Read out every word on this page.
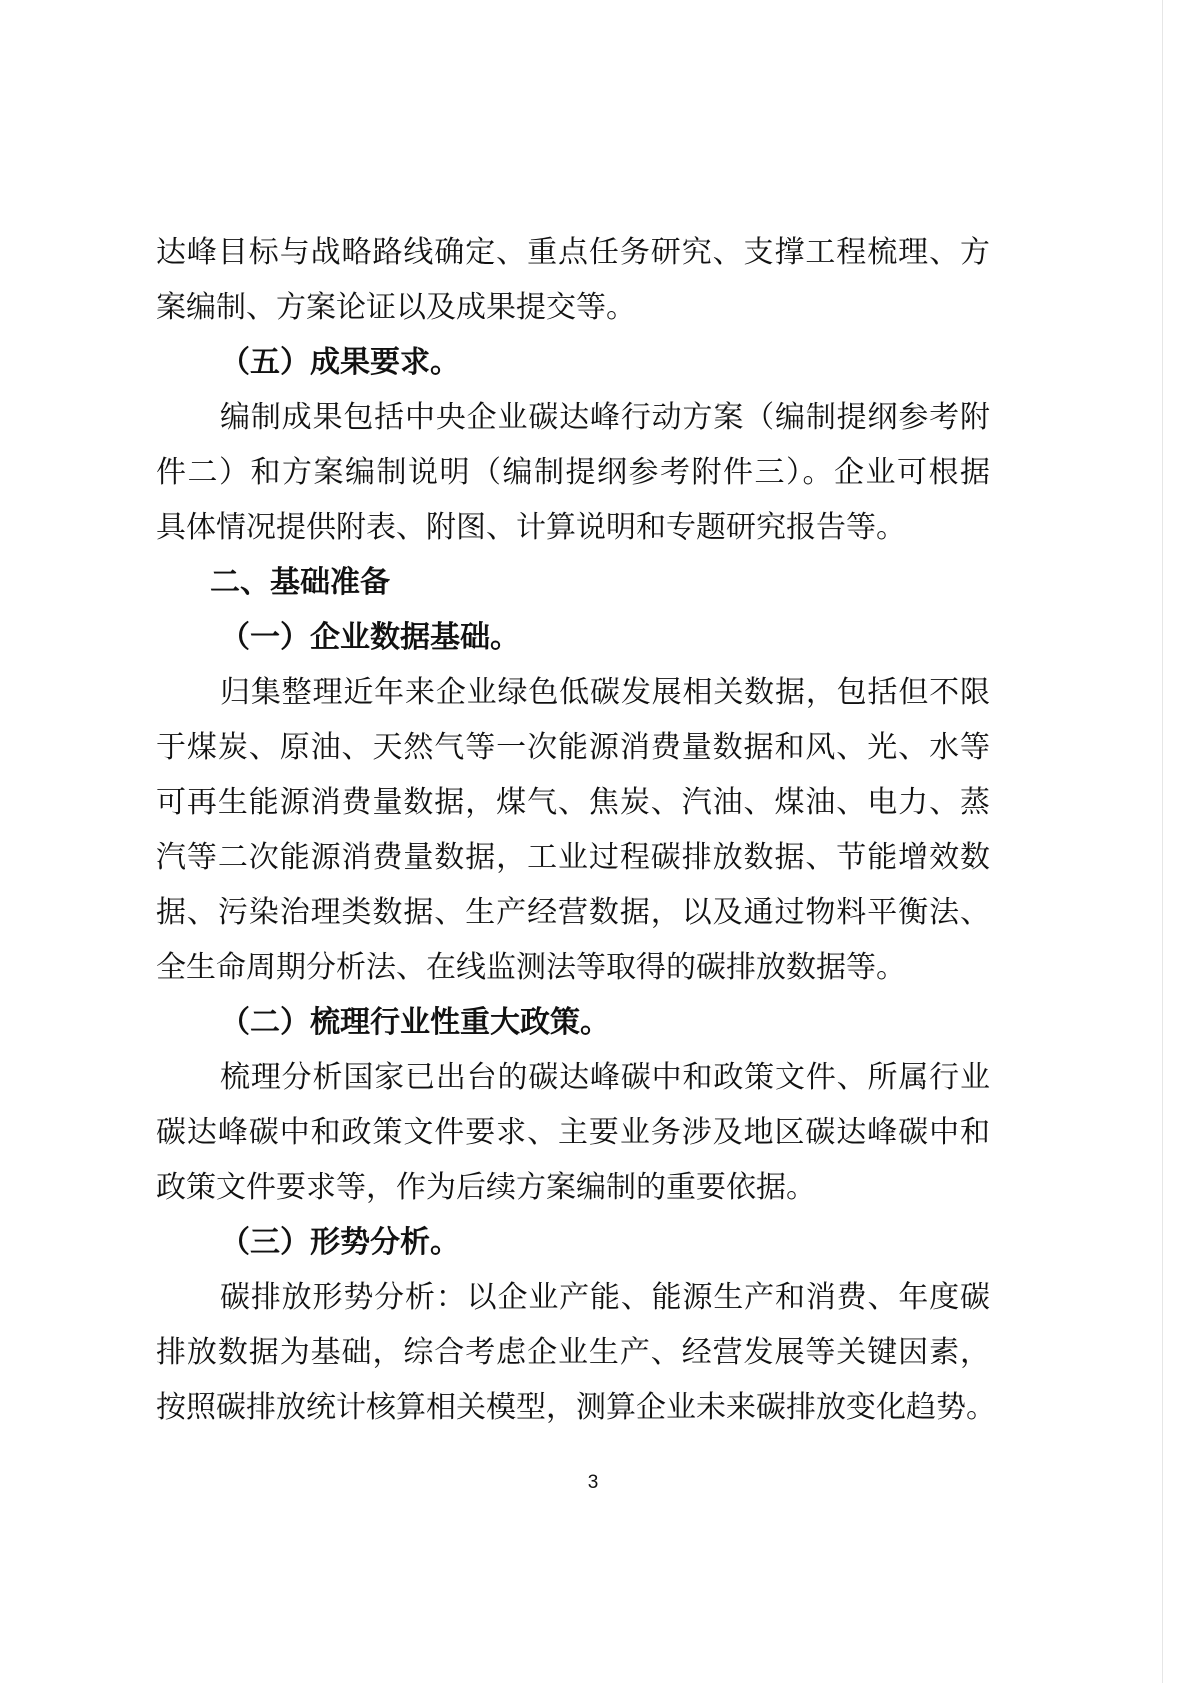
达峰目标与战略路线确定、重点任务研究、支撑工程梳理、方
案编制、方案论证以及成果提交等。
（五）成果要求。
编制成果包括中央企业碳达峰行动方案（编制提纲参考附
件二）和方案编制说明（编制提纲参考附件三）。企业可根据
具体情况提供附表、附图、计算说明和专题研究报告等。
二、基础准备
（一）企业数据基础。
归集整理近年来企业绿色低碳发展相关数据，包括但不限
于煤炭、原油、天然气等一次能源消费量数据和风、光、水等
可再生能源消费量数据，煤气、焦炭、汽油、煤油、电力、蒸
汽等二次能源消费量数据，工业过程碳排放数据、节能增效数
据、污染治理类数据、生产经营数据，以及通过物料平衡法、
全生命周期分析法、在线监测法等取得的碳排放数据等。
（二）梳理行业性重大政策。
梳理分析国家已出台的碳达峰碳中和政策文件、所属行业
碳达峰碳中和政策文件要求、主要业务涉及地区碳达峰碳中和
政策文件要求等，作为后续方案编制的重要依据。
（三）形势分析。
碳排放形势分析：以企业产能、能源生产和消费、年度碳
排放数据为基础，综合考虑企业生产、经营发展等关键因素，
按照碳排放统计核算相关模型，测算企业未来碳排放变化趋势。
3
